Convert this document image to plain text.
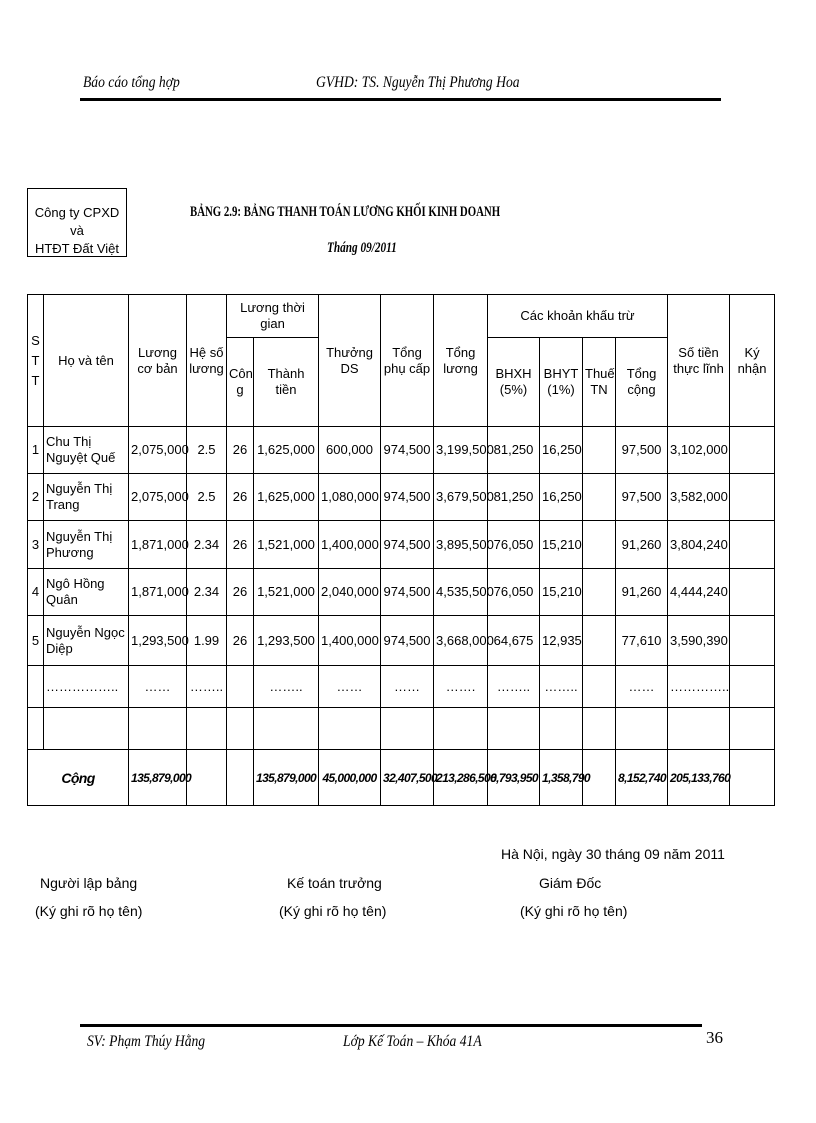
Báo cáo tổng hợp	GVHD: TS. Nguyễn Thị Phương Hoa
Công ty CPXD và
HTĐT Đất Việt
BẢNG 2.9: BẢNG THANH TOÁN LƯƠNG KHỐI KINH DOANH
Tháng 09/2011
S T T	Họ và tên	Lương cơ bản	Hệ số lương	Lương thời gian		Thưởng DS	Tổng phụ cấp	Tổng lương	Các khoản khấu trừ				Số tiền thực lĩnh	Ký nhận
				Côn g	Thành tiền				BHXH (5%)	BHYT (1%)	Thuế TN	Tổng cộng		
1	Chu Thị Nguyệt Quế	2,075,000	2.5	26	1,625,000	600,000	974,500	3,199,500	81,250	16,250		97,500	3,102,000	
2	Nguyễn Thị Trang	2,075,000	2.5	26	1,625,000	1,080,000	974,500	3,679,500	81,250	16,250		97,500	3,582,000	
3	Nguyễn Thị Phương	1,871,000	2.34	26	1,521,000	1,400,000	974,500	3,895,500	76,050	15,210		91,260	3,804,240	
4	Ngô Hồng Quân	1,871,000	2.34	26	1,521,000	2,040,000	974,500	4,535,500	76,050	15,210		91,260	4,444,240	
5	Nguyễn Ngọc Diệp	1,293,500	1.99	26	1,293,500	1,400,000	974,500	3,668,000	64,675	12,935		77,610	3,590,390	
	……………..	……	……..		……..	……	……	…….	……..	……..		……	…………..	

Cộng		135,879,000			135,879,000	45,000,000	32,407,500	213,286,500	6,793,950	1,358,790		8,152,740	205,133,760	
Hà Nội, ngày 30 tháng 09 năm 2011
Người lập bảng
(Ký ghi rõ họ tên)
Kế toán trưởng
(Ký ghi rõ họ tên)
Giám Đốc
(Ký ghi rõ họ tên)
SV: Phạm Thúy Hằng	Lớp Kế Toán – Khóa 41A	36
